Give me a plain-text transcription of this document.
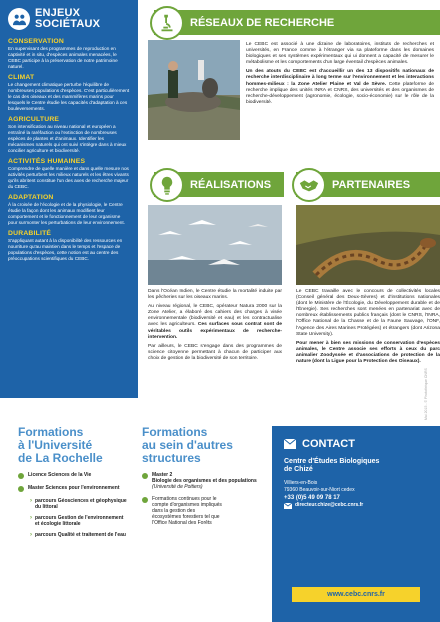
ENJEUX
SOCIÉTAUX
CONSERVATION

En supervisant des programmes de reproduction en captivité et in situ, d'espèces animales menacées, le CEBC participe à la préservation de notre patrimoine naturel.

CLIMAT

Le changement climatique perturbe l'équilibre de nombreuses populations d'espèces. C'est particulièrement le cas des oiseaux et des mammifères marins pour lesquels le Centre étudie les capacités d'adaptation à ces bouleversements.

AGRICULTURE

Son intensification au niveau national et européen a entraîné la raréfaction ou l'extinction de nombreuses espèces de plantes et d'animaux. Identifier les mécanismes naturels qui ont suivi s'intègre dans à mieux concilier agriculture et biodiversité.

ACTIVITÉS HUMAINES

Comprendre de quelle manière et dans quelle mesure nos activités perturbent les milieux naturels et les êtres vivants qu'ils abritent constitue l'un des axes de recherche majeur du CEBC.

ADAPTATION

À la croisée de l'écologie et de la physiologie, le Centre étudie la façon dont les animaux modifient leur comportement et le fonctionnement de leur organisme pour surmonter les perturbations de leur environnement.

DURABILITÉ

S'appliquant autant à la disponibilité des ressources en nourriture qu'au maintien dans le temps et l'espace de populations d'espèces, cette notion est au centre des préoccupations scientifiques du CEBC.

RÉSEAUX DE RECHERCHE

Le CEBC est associé à une dizaine de laboratoires, instituts de recherches et universités, en France comme à l'étranger via sa plateforme dans les domaines biologiques et ses systèmes expérimentaux qui ui donnent a capacité de mesurer le métabolisme et les comportements d'un large éventail d'espèces animales.

Un des atouts du CEBC est d'accueillir un des 13 dispositifs nationaux de recherche interdisciplinaire à long terme sur l'environnement et les interactions hommes-milieux : la Zone Atelier Plaine et Val de Sèvre. Cette plateforme de recherche implique des unités INRA et CNRS, des universités et des organismes de recherche-développement (agronomie, écologie, socio-économie) sur le rôle de la biodiversité.

RÉALISATIONS	PARTENAIRES

Dans l'Océan Indien, le Centre étudie la mortalité induite par les pêcheries sur les oiseaux marins.

Au niveau régional, le CEBC, opérateur Natura 2000 sur la Zone Atelier, a élaboré des cahiers des charges à visée environnementale (biodiversité et eau) et les contractualise avec les agriculteurs. Ces surfaces sous contrat sont de véritables outils expérimentaux de recherche-intervention.

Par ailleurs, le CEBC s'engage dans des programmes de science citoyenne permettant à chacun de participer aux choix de gestion de la biodiversité de son territoire.

Le CEBC travaille avec le concours de collectivités locales (Conseil général des Deux-Sèvres) et d'institutions nationales (dont le Ministère de l'Écologie, du Développement durable et de l'Énergie). Ses recherches sont menées en partenariat avec de nombreux établissements publics français (dont le CNRS, l'INRA, l'Office National de la Chasse et de la Faune Sauvage, l'ONF, l'Agence des Aires Marines Protégées) et étrangers (dont Arizona State University).

Pour mener à bien ses missions de conservation d'espèces animales, le Centre associe ses efforts à ceux du parc animalier Zoodyssée et d'associations de protection de la nature (dont la Ligue pour la Protection des Oiseaux).

Formations
à l'Université
de La Rochelle
Licence Sciences de la Vie
Master Sciences pour l'environnement
› parcours Géosciences et géophysique du littoral
› parcours Gestion de l'environnement et écologie littorale
› parcours Qualité et traitement de l'eau
Formations
au sein d'autres
structures
Master 2
Biologie des organismes et des populations
(Université de Poitiers)
Formations continues pour le compte d'organismes impliqués dans la gestion des écosystèmes forestiers tel que l'Office National des Forêts
CONTACT
Centre d'Études Biologiques
de Chizé
Villiers-en-Bois
79360 Beauvoir-sur-Niort cedex
+33 (0)5 49 09 78 17
directeur.chize@cebc.cnrs.fr
www.cebc.cnrs.fr
Mai 2015 - © Photothèque CNRS
